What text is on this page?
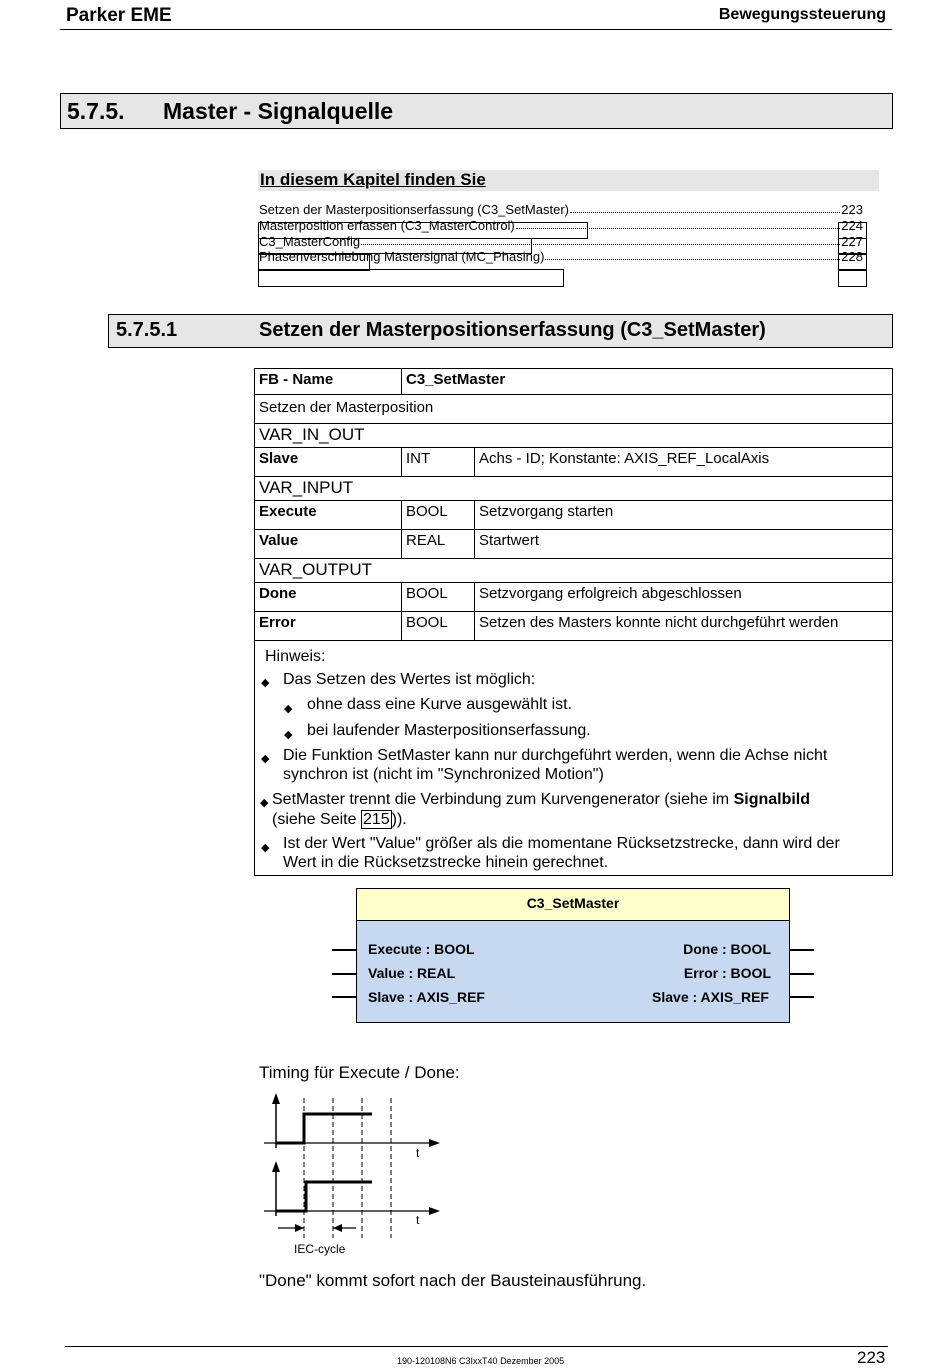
Parker EME	Bewegungssteuerung
5.7.5. Master - Signalquelle
In diesem Kapitel finden Sie
Setzen der Masterpositionserfassung (C3_SetMaster)	223
Masterposition erfassen (C3_MasterControl)	224
C3_MasterConfig	227
Phasenverschiebung Mastersignal (MC_Phasing)	228
5.7.5.1	Setzen der Masterpositionserfassung (C3_SetMaster)
FB - Name	C3_SetMaster	
Setzen der Masterposition		
VAR_IN_OUT		
Slave	INT	Achs - ID; Konstante: AXIS_REF_LocalAxis
VAR_INPUT		
Execute	BOOL	Setzvorgang starten
Value	REAL	Startwert
VAR_OUTPUT		
Done	BOOL	Setzvorgang erfolgreich abgeschlossen
Error	BOOL	Setzen des Masters konnte nicht durchgeführt werden
Hinweis:
◆ Das Setzen des Wertes ist möglich:
◆ ohne dass eine Kurve ausgewählt ist.
◆ bei laufender Masterpositionserfassung.
◆ Die Funktion SetMaster kann nur durchgeführt werden, wenn die Achse nicht
synchron ist (nicht im "Synchronized Motion")
◆ SetMaster trennt die Verbindung zum Kurvengenerator (siehe im Signalbild
(siehe Seite 215 )).
◆ Ist der Wert "Value" größer als die momentane Rücksetzstrecke, dann wird der
Wert in die Rücksetzstrecke hinein gerechnet.
C3_SetMaster
Execute : BOOL
Value : REAL
Slave : AXIS_REF
Done : BOOL
Error : BOOL
Slave : AXIS_REF
Timing für Execute / Done:
t
t
IEC-cycle
"Done" kommt sofort nach der Bausteinausführung.
190-120108N6 C3IxxT40 Dezember 2005	223
